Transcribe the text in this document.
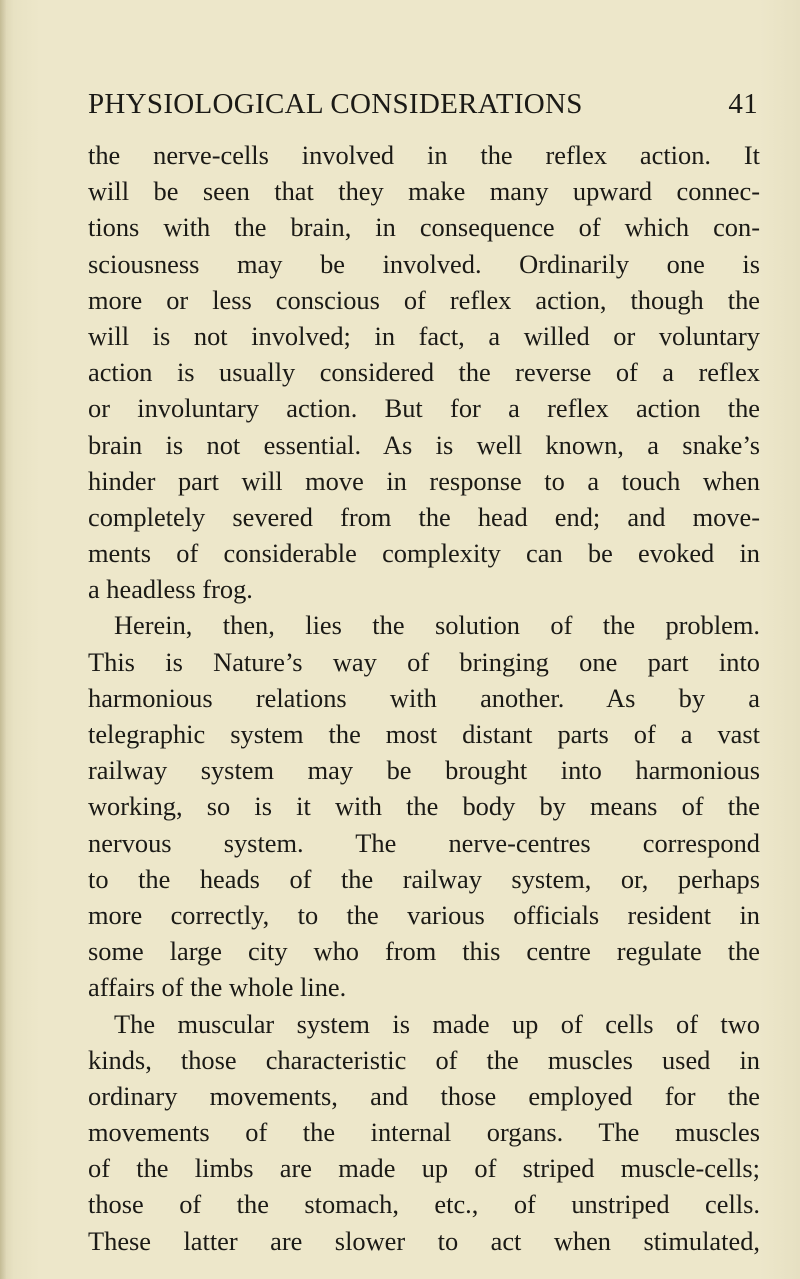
PHYSIOLOGICAL CONSIDERATIONS	41
the nerve-cells involved in the reflex action. It
will be seen that they make many upward connec-
tions with the brain, in consequence of which con-
sciousness may be involved. Ordinarily one is
more or less conscious of reflex action, though the
will is not involved; in fact, a willed or voluntary
action is usually considered the reverse of a reflex
or involuntary action. But for a reflex action the
brain is not essential. As is well known, a snake’s
hinder part will move in response to a touch when
completely severed from the head end; and move-
ments of considerable complexity can be evoked in
a headless frog.
Herein, then, lies the solution of the problem.
This is Nature’s way of bringing one part into
harmonious relations with another. As by a
telegraphic system the most distant parts of a vast
railway system may be brought into harmonious
working, so is it with the body by means of the
nervous system. The nerve-centres correspond
to the heads of the railway system, or, perhaps
more correctly, to the various officials resident in
some large city who from this centre regulate the
affairs of the whole line.
The muscular system is made up of cells of two
kinds, those characteristic of the muscles used in
ordinary movements, and those employed for the
movements of the internal organs. The muscles
of the limbs are made up of striped muscle-cells;
those of the stomach, etc., of unstriped cells.
These latter are slower to act when stimulated,
